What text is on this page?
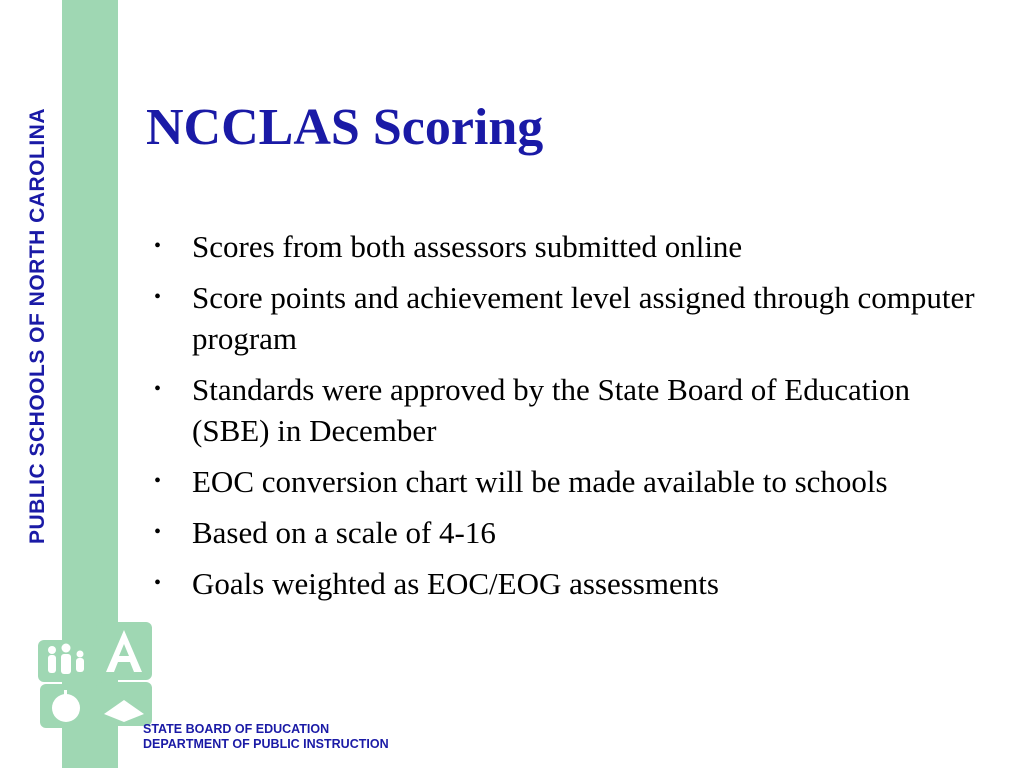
PUBLIC SCHOOLS OF NORTH CAROLINA NCCLAS Scoring
• Scores from both assessors submitted online
• Score points and achievement level assigned through computer program
• Standards were approved by the State Board of Education (SBE) in December
• EOC conversion chart will be made available to schools
• Based on a scale of 4-16
• Goals weighted as EOC/EOG assessments
STATE BOARD OF EDUCATION
DEPARTMENT OF PUBLIC INSTRUCTION
